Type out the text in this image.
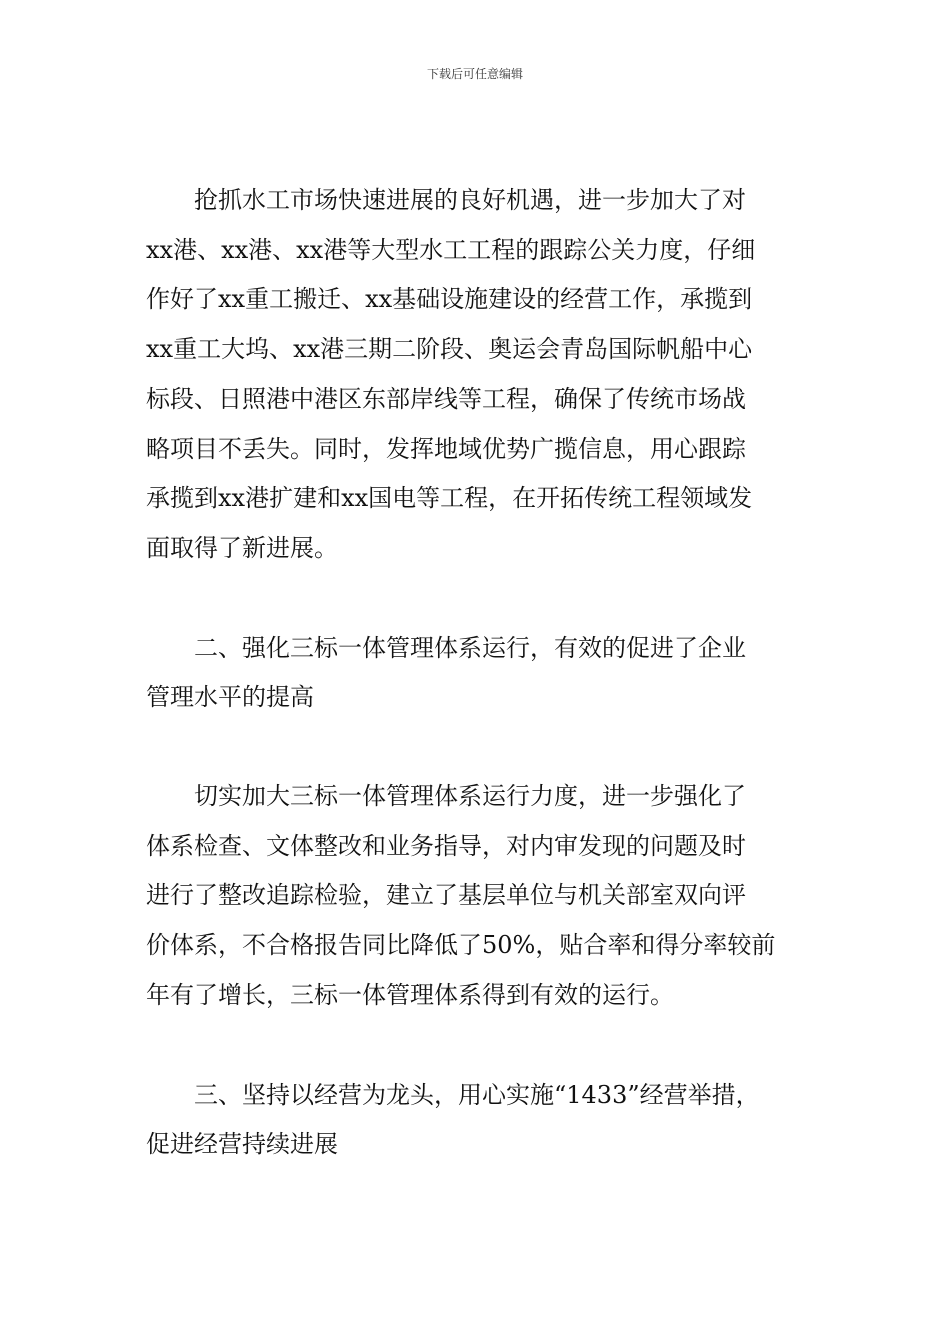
下载后可任意编辑

抢抓水工市场快速进展的良好机遇，进一步加大了对
xx港、xx港、xx港等大型水工工程的跟踪公关力度，仔细
作好了xx重工搬迁、xx基础设施建设的经营工作，承揽到
xx重工大坞、xx港三期二阶段、奥运会青岛国际帆船中心
标段、日照港中港区东部岸线等工程，确保了传统市场战
略项目不丢失。同时，发挥地域优势广揽信息，用心跟踪
承揽到xx港扩建和xx国电等工程，在开拓传统工程领域发
面取得了新进展。

二、强化三标一体管理体系运行，有效的促进了企业
管理水平的提高

切实加大三标一体管理体系运行力度，进一步强化了
体系检查、文体整改和业务指导，对内审发现的问题及时
进行了整改追踪检验，建立了基层单位与机关部室双向评
价体系，不合格报告同比降低了50%，贴合率和得分率较前
年有了增长，三标一体管理体系得到有效的运行。

三、坚持以经营为龙头，用心实施“1433”经营举措，
促进经营持续进展
